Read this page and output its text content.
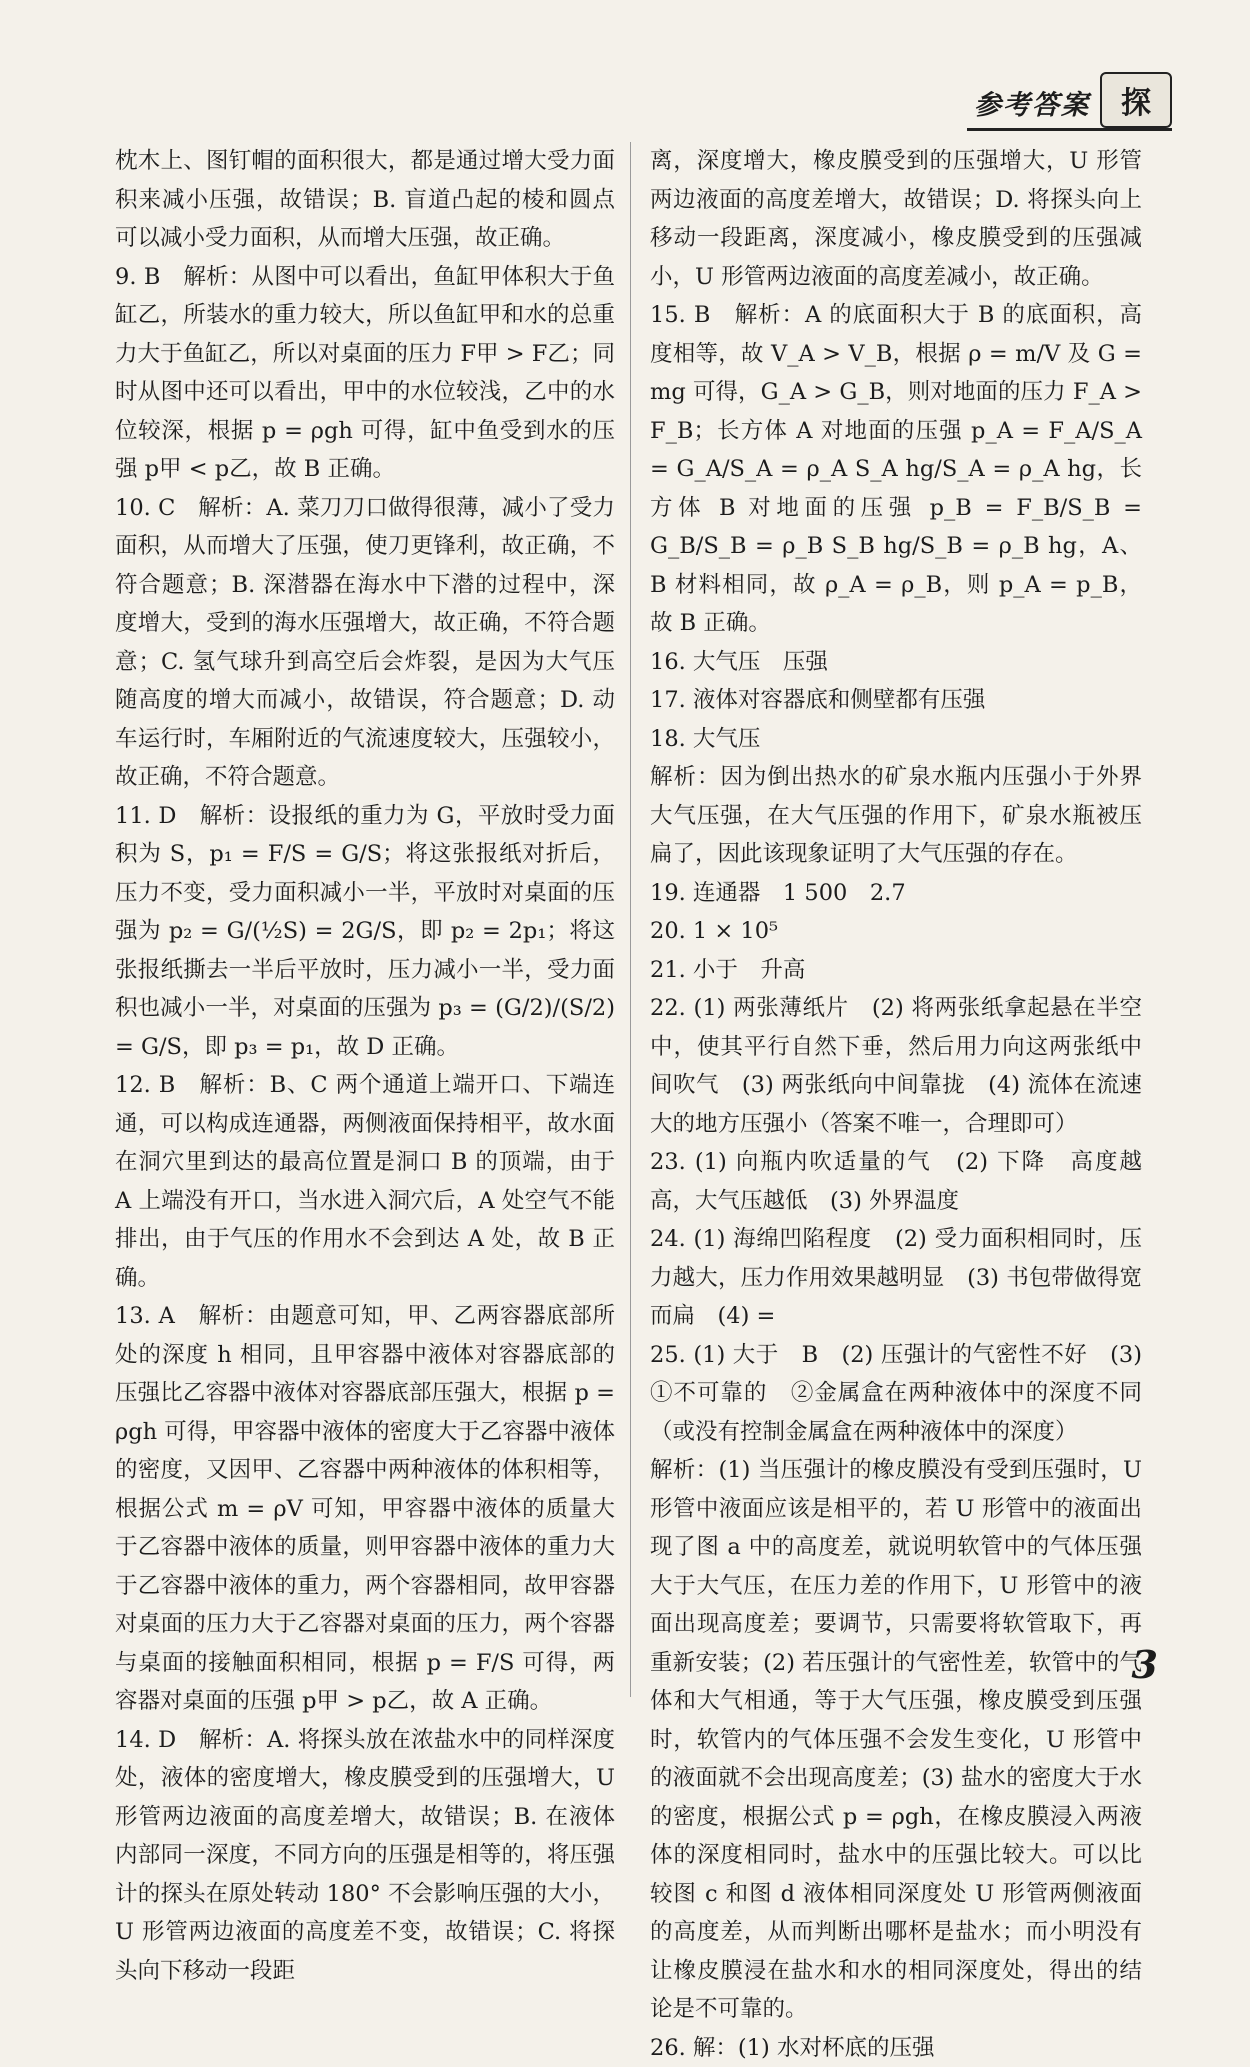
参考答案	探

枕木上、图钉帽的面积很大，都是通过增大受力面积来减小压强，故错误；B. 盲道凸起的棱和圆点可以减小受力面积，从而增大压强，故正确。

9. B　解析：从图中可以看出，鱼缸甲体积大于鱼缸乙，所装水的重力较大，所以鱼缸甲和水的总重力大于鱼缸乙，所以对桌面的压力 F甲 > F乙；同时从图中还可以看出，甲中的水位较浅，乙中的水位较深，根据 p = ρgh 可得，缸中鱼受到水的压强 p甲 < p乙，故 B 正确。

10. C　解析：A. 菜刀刀口做得很薄，减小了受力面积，从而增大了压强，使刀更锋利，故正确，不符合题意；B. 深潜器在海水中下潜的过程中，深度增大，受到的海水压强增大，故正确，不符合题意；C. 氢气球升到高空后会炸裂，是因为大气压随高度的增大而减小，故错误，符合题意；D. 动车运行时，车厢附近的气流速度较大，压强较小，故正确，不符合题意。

11. D　解析：设报纸的重力为 G，平放时受力面积为 S，p₁ = F/S = G/S；将这张报纸对折后，压力不变，受力面积减小一半，平放时对桌面的压强为 p₂ = G/(½S) = 2G/S，即 p₂ = 2p₁；将这张报纸撕去一半后平放时，压力减小一半，受力面积也减小一半，对桌面的压强为 p₃ = (G/2)/(S/2) = G/S，即 p₃ = p₁，故 D 正确。

12. B　解析：B、C 两个通道上端开口、下端连通，可以构成连通器，两侧液面保持相平，故水面在洞穴里到达的最高位置是洞口 B 的顶端，由于 A 上端没有开口，当水进入洞穴后，A 处空气不能排出，由于气压的作用水不会到达 A 处，故 B 正确。

13. A　解析：由题意可知，甲、乙两容器底部所处的深度 h 相同，且甲容器中液体对容器底部的压强比乙容器中液体对容器底部压强大，根据 p = ρgh 可得，甲容器中液体的密度大于乙容器中液体的密度，又因甲、乙容器中两种液体的体积相等，根据公式 m = ρV 可知，甲容器中液体的质量大于乙容器中液体的质量，则甲容器中液体的重力大于乙容器中液体的重力，两个容器相同，故甲容器对桌面的压力大于乙容器对桌面的压力，两个容器与桌面的接触面积相同，根据 p = F/S 可得，两容器对桌面的压强 p甲 > p乙，故 A 正确。

14. D　解析：A. 将探头放在浓盐水中的同样深度处，液体的密度增大，橡皮膜受到的压强增大，U 形管两边液面的高度差增大，故错误；B. 在液体内部同一深度，不同方向的压强是相等的，将压强计的探头在原处转动 180° 不会影响压强的大小，U 形管两边液面的高度差不变，故错误；C. 将探头向下移动一段距

离，深度增大，橡皮膜受到的压强增大，U 形管两边液面的高度差增大，故错误；D. 将探头向上移动一段距离，深度减小，橡皮膜受到的压强减小，U 形管两边液面的高度差减小，故正确。

15. B　解析：A 的底面积大于 B 的底面积，高度相等，故 V_A > V_B，根据 ρ = m/V 及 G = mg 可得，G_A > G_B，则对地面的压力 F_A > F_B；长方体 A 对地面的压强 p_A = F_A/S_A = G_A/S_A = ρ_A S_A hg/S_A = ρ_A hg，长方体 B 对地面的压强 p_B = F_B/S_B = G_B/S_B = ρ_B S_B hg/S_B = ρ_B hg，A、B 材料相同，故 ρ_A = ρ_B，则 p_A = p_B，故 B 正确。

16. 大气压　压强

17. 液体对容器底和侧壁都有压强

18. 大气压

解析：因为倒出热水的矿泉水瓶内压强小于外界大气压强，在大气压强的作用下，矿泉水瓶被压扁了，因此该现象证明了大气压强的存在。

19. 连通器　1 500　2.7

20. 1 × 10⁵

21. 小于　升高

22. (1) 两张薄纸片　(2) 将两张纸拿起悬在半空中，使其平行自然下垂，然后用力向这两张纸中间吹气　(3) 两张纸向中间靠拢　(4) 流体在流速大的地方压强小（答案不唯一，合理即可）

23. (1) 向瓶内吹适量的气　(2) 下降　高度越高，大气压越低　(3) 外界温度

24. (1) 海绵凹陷程度　(2) 受力面积相同时，压力越大，压力作用效果越明显　(3) 书包带做得宽而扁　(4) =

25. (1) 大于　B　(2) 压强计的气密性不好　(3) ①不可靠的　②金属盒在两种液体中的深度不同（或没有控制金属盒在两种液体中的深度）

解析：(1) 当压强计的橡皮膜没有受到压强时，U 形管中液面应该是相平的，若 U 形管中的液面出现了图 a 中的高度差，就说明软管中的气体压强大于大气压，在压力差的作用下，U 形管中的液面出现高度差；要调节，只需要将软管取下，再重新安装；(2) 若压强计的气密性差，软管中的气体和大气相通，等于大气压强，橡皮膜受到压强时，软管内的气体压强不会发生变化，U 形管中的液面就不会出现高度差；(3) 盐水的密度大于水的密度，根据公式 p = ρgh，在橡皮膜浸入两液体的深度相同时，盐水中的压强比较大。可以比较图 c 和图 d 液体相同深度处 U 形管两侧液面的高度差，从而判断出哪杯是盐水；而小明没有让橡皮膜浸在盐水和水的相同深度处，得出的结论是不可靠的。

26. 解：(1) 水对杯底的压强

3
